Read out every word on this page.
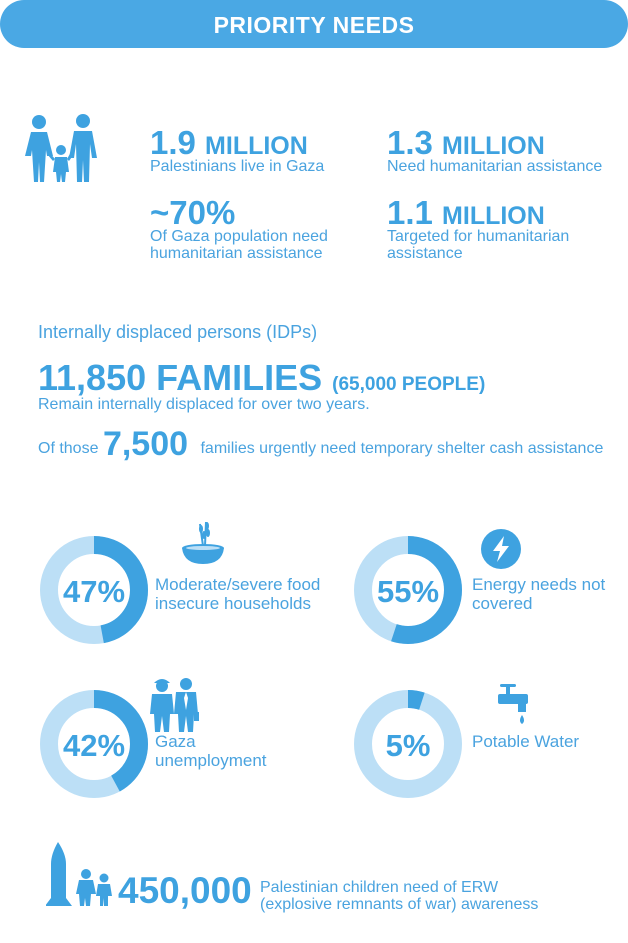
PRIORITY NEEDS
1.9 MILLION
Palestinians live in Gaza
1.3 MILLION
Need humanitarian assistance
~70%
Of Gaza population need
humanitarian assistance
1.1 MILLION
Targeted for humanitarian
assistance
Internally displaced persons (IDPs)
11,850 FAMILIES (65,000 PEOPLE)
Remain internally displaced for over two years.
Of those 7,500 families urgently need temporary shelter cash assistance
47%	55%
42%	5%
Moderate/severe food
insecure households
Energy needs not
covered
Gaza
unemployment
Potable Water
450,000 Palestinian children need of ERW
(explosive remnants of war) awareness
